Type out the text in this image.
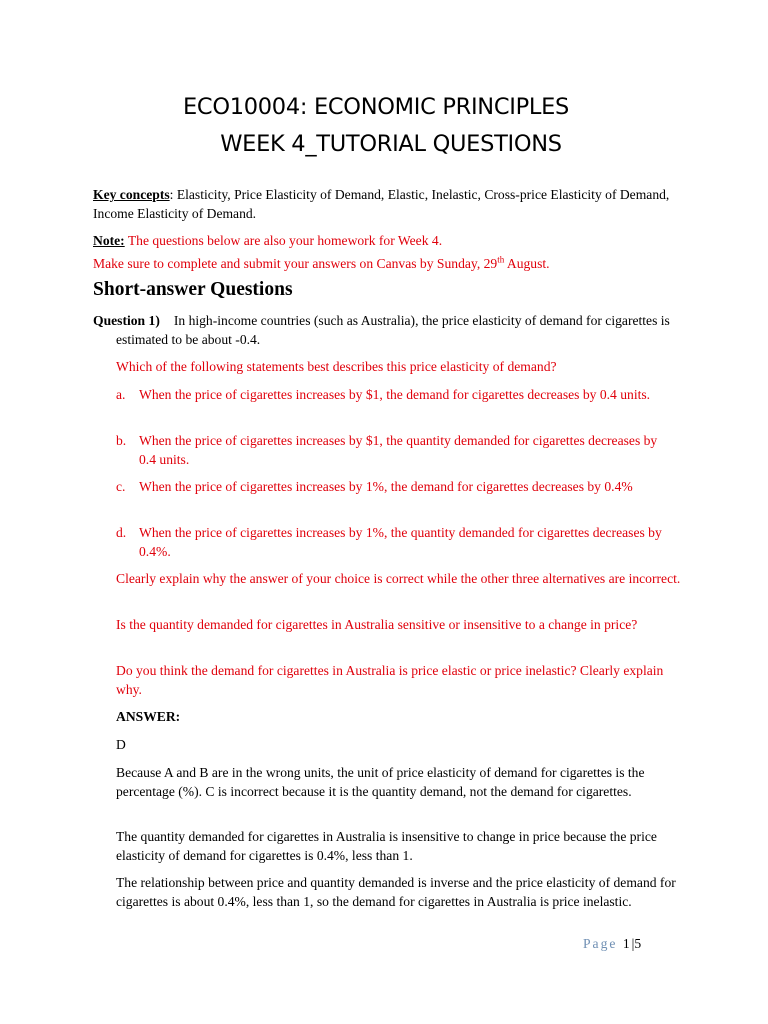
ECO10004: ECONOMIC PRINCIPLES
WEEK 4_TUTORIAL QUESTIONS
Key concepts: Elasticity, Price Elasticity of Demand, Elastic, Inelastic, Cross-price Elasticity of Demand, Income Elasticity of Demand.
Note: The questions below are also your homework for Week 4.
Make sure to complete and submit your answers on Canvas by Sunday, 29th August.
Short-answer Questions
Question 1) In high-income countries (such as Australia), the price elasticity of demand for cigarettes is estimated to be about -0.4.
Which of the following statements best describes this price elasticity of demand?
a. When the price of cigarettes increases by $1, the demand for cigarettes decreases by 0.4 units.
b. When the price of cigarettes increases by $1, the quantity demanded for cigarettes decreases by 0.4 units.
c. When the price of cigarettes increases by 1%, the demand for cigarettes decreases by 0.4%
d. When the price of cigarettes increases by 1%, the quantity demanded for cigarettes decreases by 0.4%.
Clearly explain why the answer of your choice is correct while the other three alternatives are incorrect.
Is the quantity demanded for cigarettes in Australia sensitive or insensitive to a change in price?
Do you think the demand for cigarettes in Australia is price elastic or price inelastic? Clearly explain why.
ANSWER:
D
Because A and B are in the wrong units, the unit of price elasticity of demand for cigarettes is the percentage (%). C is incorrect because it is the quantity demand, not the demand for cigarettes.
The quantity demanded for cigarettes in Australia is insensitive to change in price because the price elasticity of demand for cigarettes is 0.4%, less than 1.
The relationship between price and quantity demanded is inverse and the price elasticity of demand for cigarettes is about 0.4%, less than 1, so the demand for cigarettes in Australia is price inelastic.
Page 1|5
